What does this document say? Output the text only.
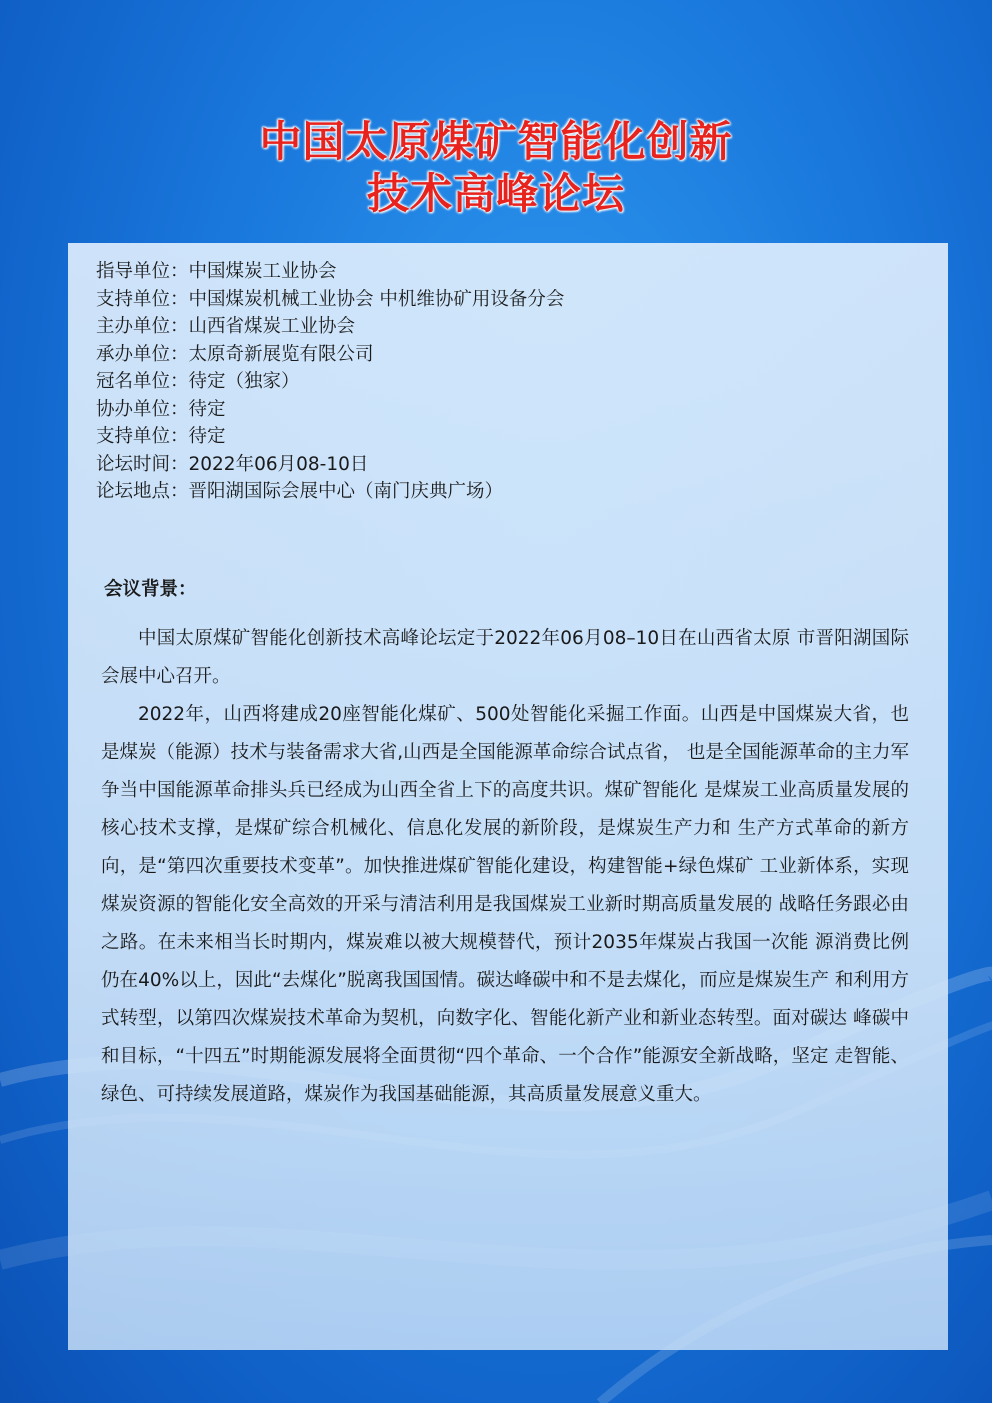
中国太原煤矿智能化创新
技术高峰论坛
指导单位：中国煤炭工业协会
支持单位：中国煤炭机械工业协会 中机维协矿用设备分会
主办单位：山西省煤炭工业协会
承办单位：太原奇新展览有限公司
冠名单位：待定（独家）
协办单位：待定
支持单位：待定
论坛时间：2022年06月08-10日
论坛地点：晋阳湖国际会展中心（南门庆典广场）
会议背景：

中国太原煤矿智能化创新技术高峰论坛定于2022年06月08–10日在山西省太原 市晋阳湖国际会展中心召开。

2022年，山西将建成20座智能化煤矿、500处智能化采掘工作面。山西是中国煤炭大省，也是煤炭（能源）技术与装备需求大省,山西是全国能源革命综合试点省， 也是全国能源革命的主力军争当中国能源革命排头兵已经成为山西全省上下的高度共识。煤矿智能化 是煤炭工业高质量发展的核心技术支撑，是煤矿综合机械化、信息化发展的新阶段，是煤炭生产力和 生产方式革命的新方向，是“第四次重要技术变革”。加快推进煤矿智能化建设，构建智能+绿色煤矿 工业新体系，实现煤炭资源的智能化安全高效的开采与清洁利用是我国煤炭工业新时期高质量发展的 战略任务跟必由之路。在未来相当长时期内，煤炭难以被大规模替代，预计2035年煤炭占我国一次能 源消费比例仍在40%以上，因此“去煤化”脱离我国国情。碳达峰碳中和不是去煤化，而应是煤炭生产 和利用方式转型，以第四次煤炭技术革命为契机，向数字化、智能化新产业和新业态转型。面对碳达 峰碳中和目标，“十四五”时期能源发展将全面贯彻“四个革命、一个合作”能源安全新战略，坚定 走智能、绿色、可持续发展道路，煤炭作为我国基础能源，其高质量发展意义重大。
